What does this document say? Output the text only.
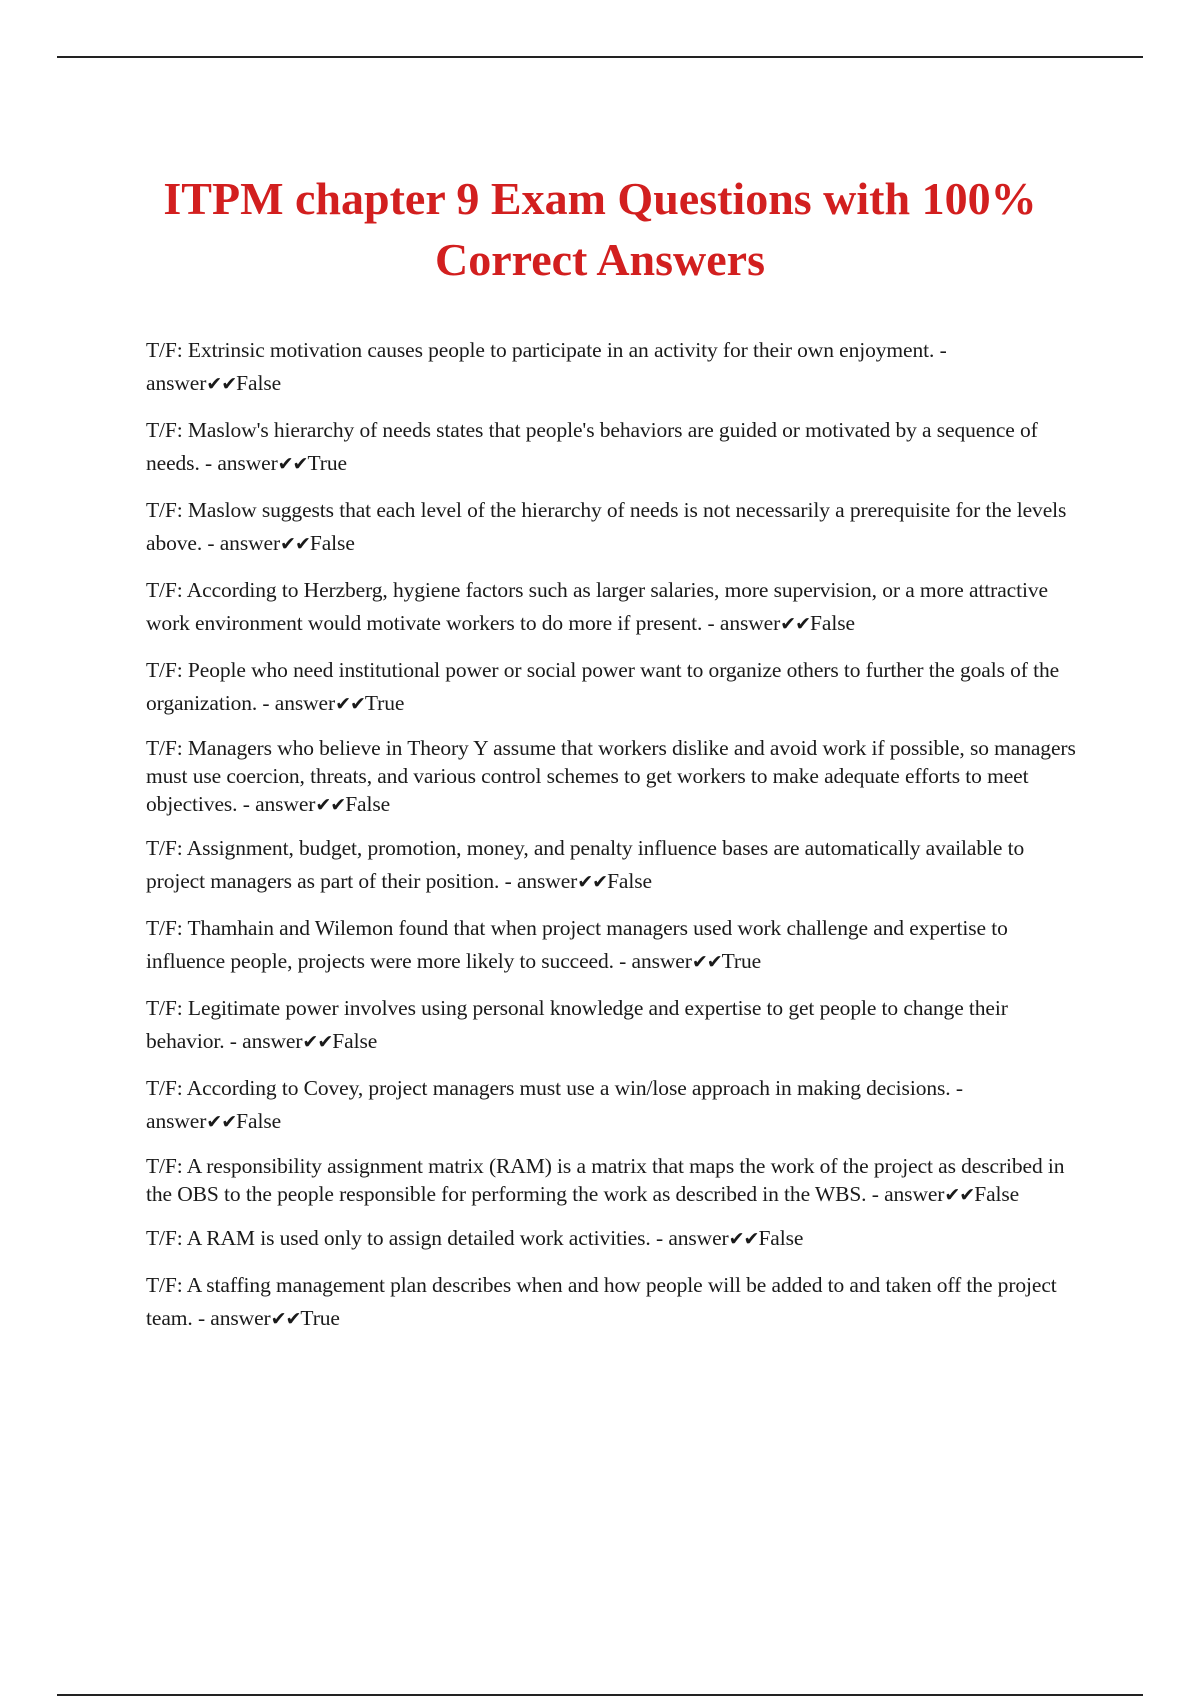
ITPM chapter 9 Exam Questions with 100% Correct Answers
T/F: Extrinsic motivation causes people to participate in an activity for their own enjoyment. - answer✔✔False
T/F: Maslow's hierarchy of needs states that people's behaviors are guided or motivated by a sequence of needs. - answer✔✔True
T/F: Maslow suggests that each level of the hierarchy of needs is not necessarily a prerequisite for the levels above. - answer✔✔False
T/F: According to Herzberg, hygiene factors such as larger salaries, more supervision, or a more attractive work environment would motivate workers to do more if present. - answer✔✔False
T/F: People who need institutional power or social power want to organize others to further the goals of the organization. - answer✔✔True
T/F: Managers who believe in Theory Y assume that workers dislike and avoid work if possible, so managers must use coercion, threats, and various control schemes to get workers to make adequate efforts to meet objectives. - answer✔✔False
T/F: Assignment, budget, promotion, money, and penalty influence bases are automatically available to project managers as part of their position. - answer✔✔False
T/F: Thamhain and Wilemon found that when project managers used work challenge and expertise to influence people, projects were more likely to succeed. - answer✔✔True
T/F: Legitimate power involves using personal knowledge and expertise to get people to change their behavior. - answer✔✔False
T/F: According to Covey, project managers must use a win/lose approach in making decisions. - answer✔✔False
T/F: A responsibility assignment matrix (RAM) is a matrix that maps the work of the project as described in the OBS to the people responsible for performing the work as described in the WBS. - answer✔✔False
T/F: A RAM is used only to assign detailed work activities. - answer✔✔False
T/F: A staffing management plan describes when and how people will be added to and taken off the project team. - answer✔✔True
